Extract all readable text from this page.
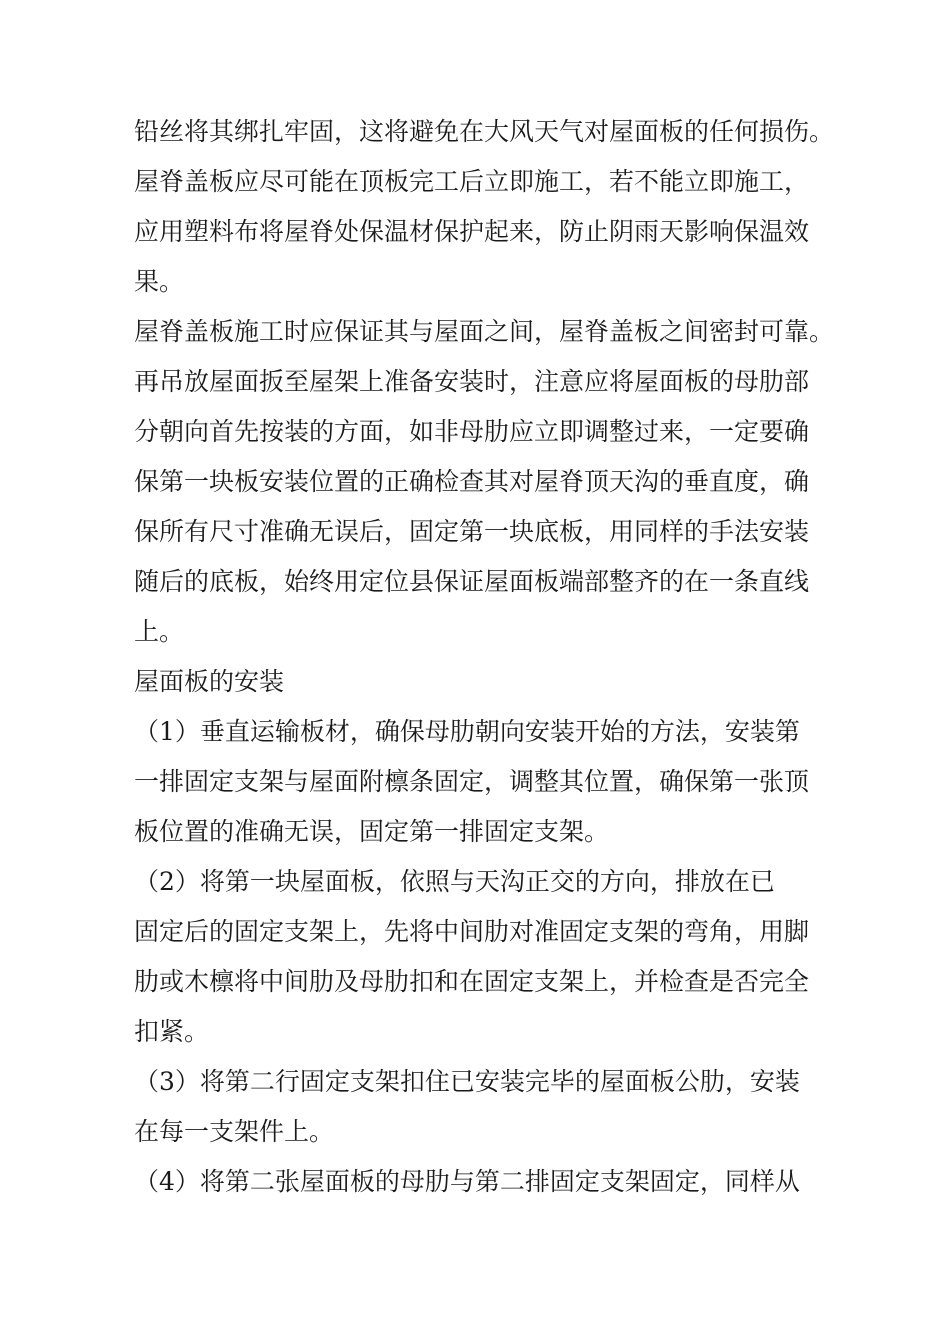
铅丝将其绑扎牢固，这将避免在大风天气对屋面板的任何损伤。
屋脊盖板应尽可能在顶板完工后立即施工，若不能立即施工，
应用塑料布将屋脊处保温材保护起来，防止阴雨天影响保温效
果。
屋脊盖板施工时应保证其与屋面之间，屋脊盖板之间密封可靠。
再吊放屋面扳至屋架上准备安装时，注意应将屋面板的母肋部
分朝向首先按装的方面，如非母肋应立即调整过来，一定要确
保第一块板安装位置的正确检查其对屋脊顶天沟的垂直度，确
保所有尺寸准确无误后，固定第一块底板，用同样的手法安装
随后的底板，始终用定位县保证屋面板端部整齐的在一条直线
上。
屋面板的安装
（1）垂直运输板材，确保母肋朝向安装开始的方法，安装第
一排固定支架与屋面附檩条固定，调整其位置，确保第一张顶
板位置的准确无误，固定第一排固定支架。
（2）将第一块屋面板，依照与天沟正交的方向，排放在已
固定后的固定支架上，先将中间肋对准固定支架的弯角，用脚
肋或木檩将中间肋及母肋扣和在固定支架上，并检查是否完全
扣紧。
（3）将第二行固定支架扣住已安装完毕的屋面板公肋，安装
在每一支架件上。
（4）将第二张屋面板的母肋与第二排固定支架固定，同样从
